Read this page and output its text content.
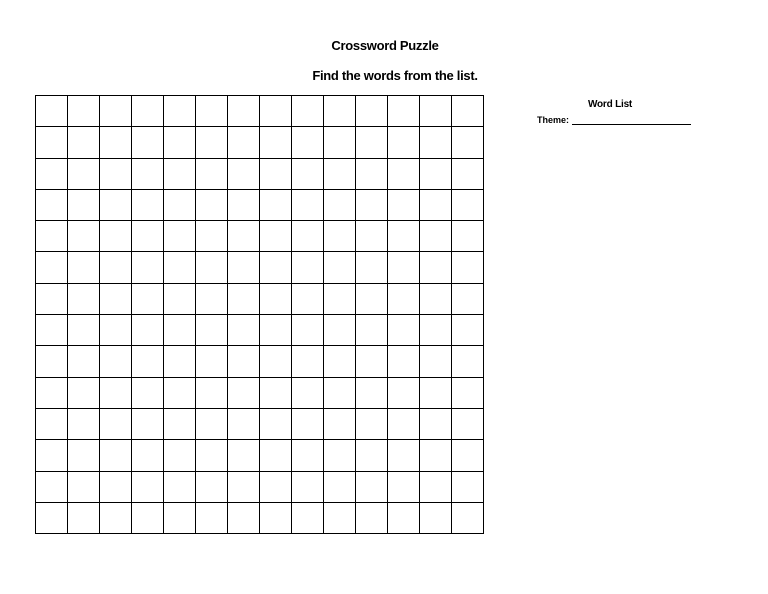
Crossword Puzzle
Find the words from the list.
Word List
Theme:
